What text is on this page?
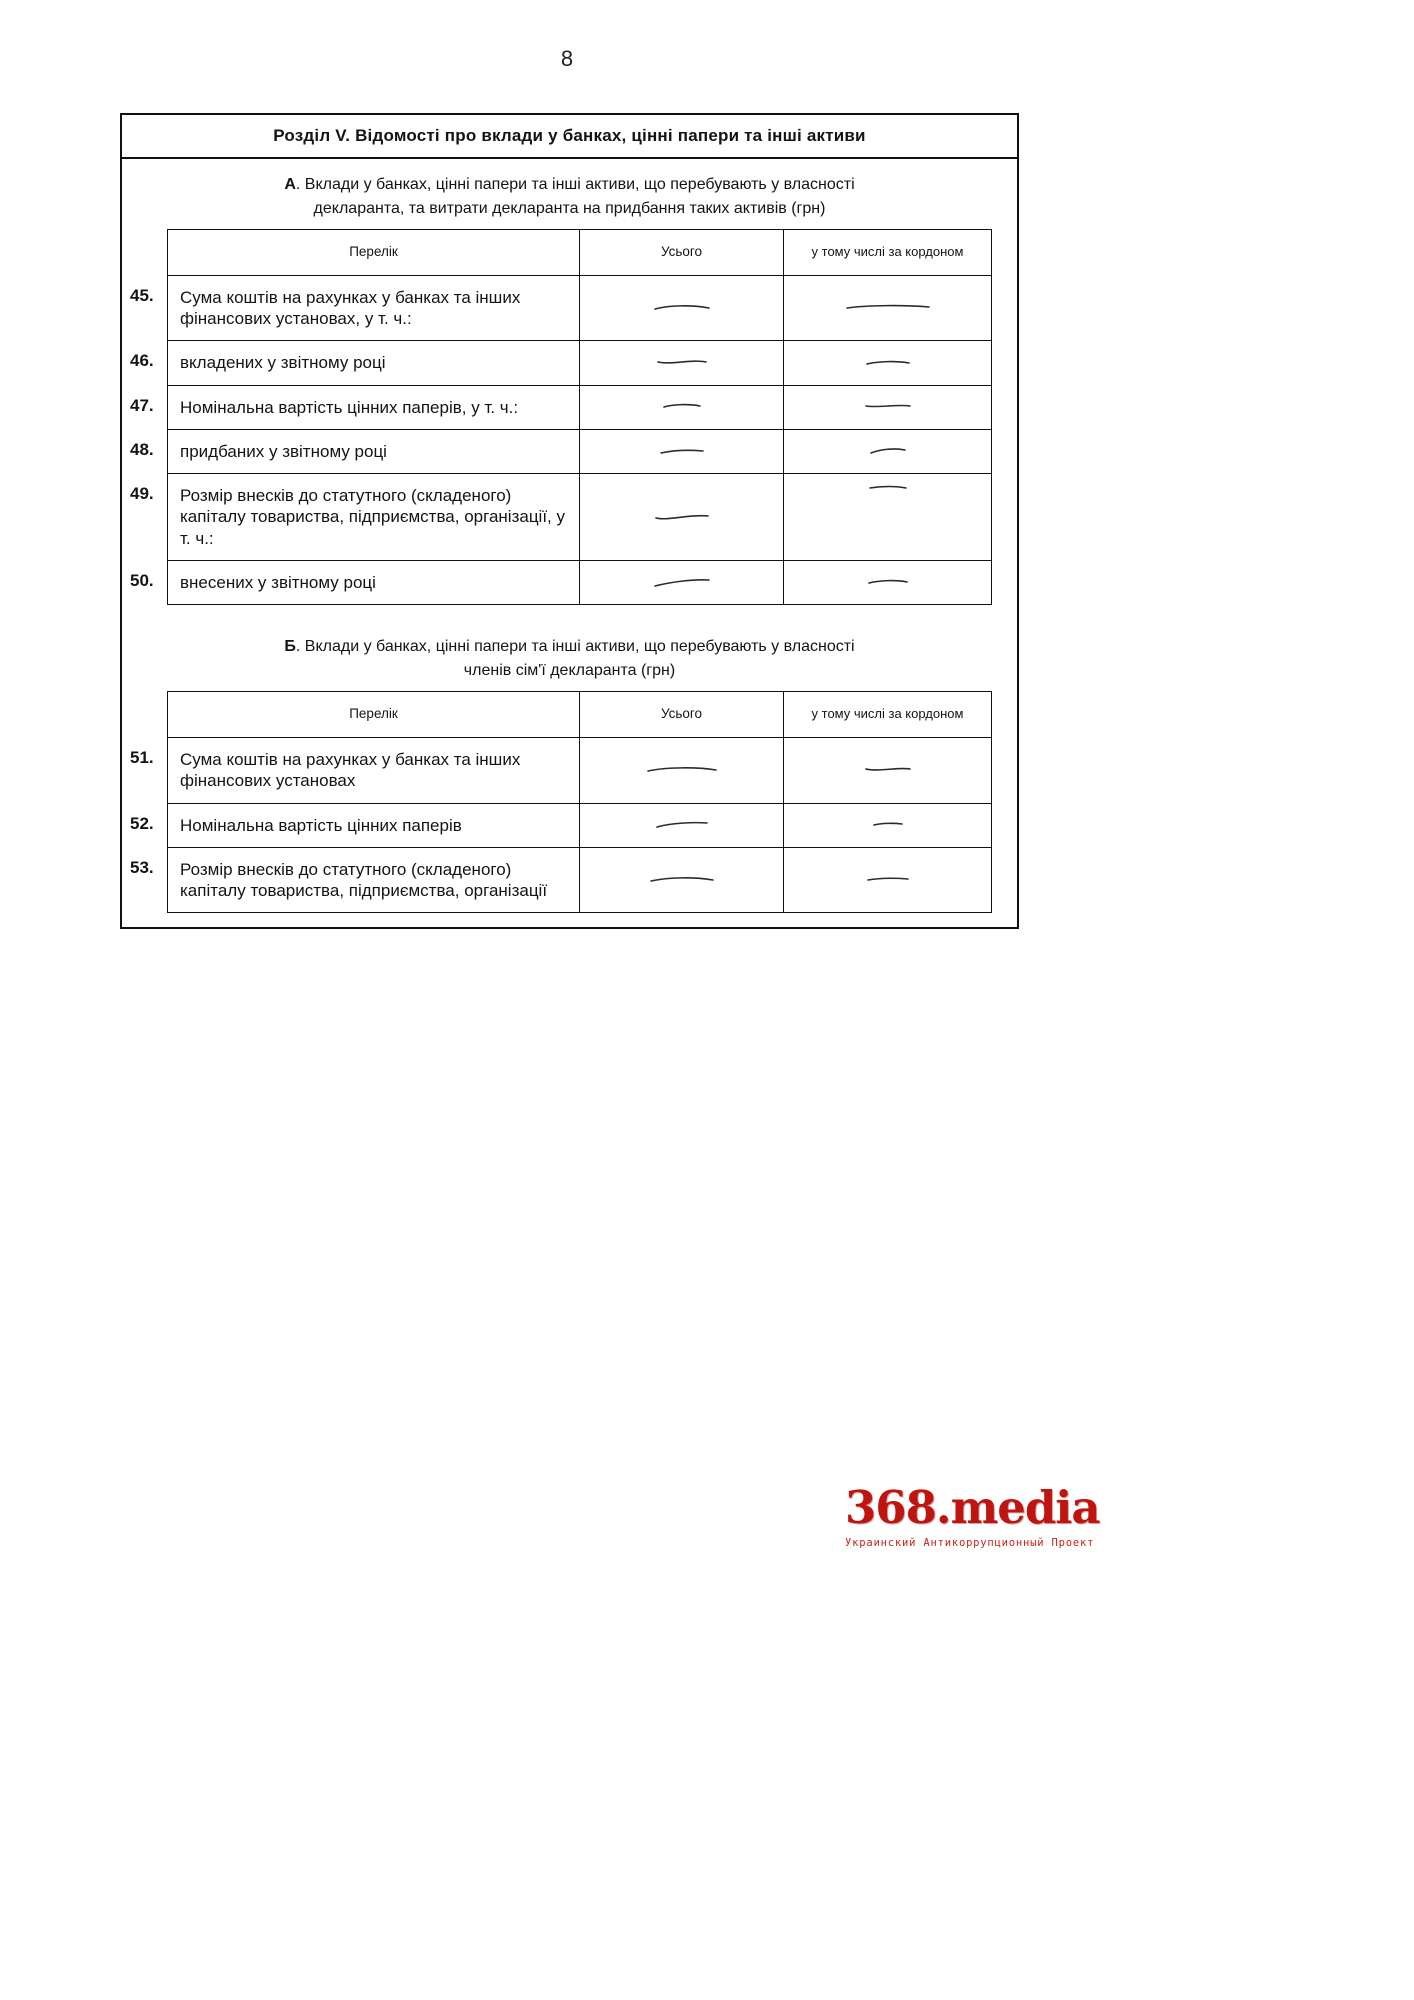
8
Розділ V. Відомості про вклади у банках, цінні папери та інші активи
А. Вклади у банках, цінні папери та інші активи, що перебувають у власності
декларанта, та витрати декларанта на придбання таких активів (грн)
Перелік	Усього	у тому числі за кордоном
45.	Сума коштів на рахунках у банках та інших фінансових установах, у т. ч.:
46.	вкладених у звітному році
47.	Номінальна вартість цінних паперів, у т. ч.:
48.	придбаних у звітному році
49.	Розмір внесків до статутного (складеного) капіталу товариства, підприємства, організації, у т. ч.:
50.	внесених у звітному році
Б. Вклади у банках, цінні папери та інші активи, що перебувають у власності
членів сім'ї декларанта (грн)
Перелік	Усього	у тому числі за кордоном
51.	Сума коштів на рахунках у банках та інших фінансових установах
52.	Номінальна вартість цінних паперів
53.	Розмір внесків до статутного (складеного) капіталу товариства, підприємства, організації
368.media
Украинский Антикоррупционный Проект
